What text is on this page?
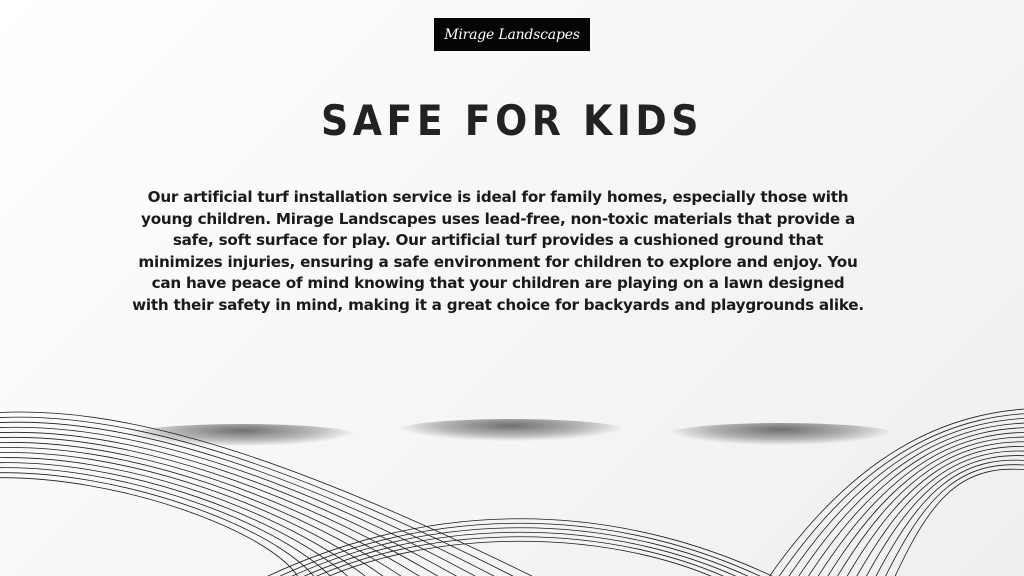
Mirage Landscapes
SAFE FOR KIDS

Our artificial turf installation service is ideal for family homes, especially those with young children. Mirage Landscapes uses lead-free, non-toxic materials that provide a safe, soft surface for play. Our artificial turf provides a cushioned ground that minimizes injuries, ensuring a safe environment for children to explore and enjoy. You can have peace of mind knowing that your children are playing on a lawn designed with their safety in mind, making it a great choice for backyards and playgrounds alike.
